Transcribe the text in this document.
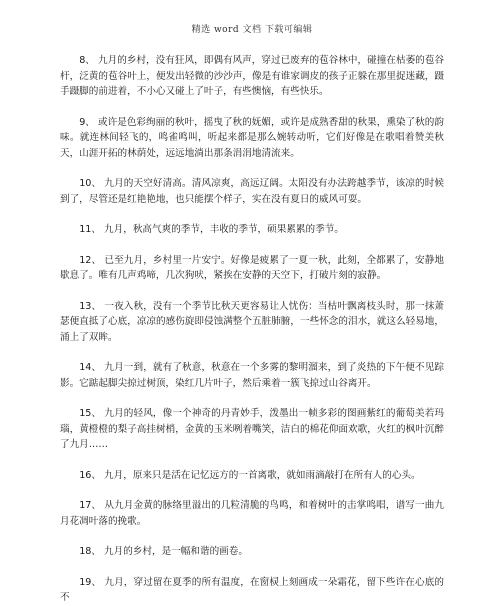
精选 word 文档 下载可编辑

8、 九月的乡村，没有狂风，即偶有风声，穿过已废弃的苞谷林中，碰撞在枯萎的苞谷杆，泛黄的苞谷叶上，便发出轻微的沙沙声，像是有谁家调皮的孩子正躲在那里捉迷藏，蹑手蹑脚的前进着，不小心又碰上了叶子，有些懊恼，有些快乐。

9、 或许是色彩绚丽的秋叶，摇曳了秋的妩媚，或许是成熟香甜的秋果，熏染了秋的韵味。就连林间轻飞的，鸣雀鸣叫，听起来都是那么婉转动听，它们好像是在歌唱着赞美秋天，山涯开拓的林荫处，远远地淌出那条涓涓地清流来。

10、 九月的天空好清高。清风凉爽，高远辽阔。太阳没有办法跨越季节，该凉的时候到了，尽管还是红艳艳地，也只能摆个样子，实在没有夏日的威风可耍。

11、 九月，秋高气爽的季节，丰收的季节，硕果累累的季节。

12、 已至九月，乡村里一片安宁。好像是疲累了一夏一秋，此刻，全都累了，安静地歇息了。唯有几声鸡啼，几次狗吠，紧挨在安静的天空下，打破片刻的寂静。

13、 一夜入秋，没有一个季节比秋天更容易让人忧伤：当枯叶飘离枝头时，那一抹萧瑟便直抵了心底，凉凉的感伤旋即侵蚀满整个五脏肺腑，一些怀念的泪水，就这么轻易地，涌上了双眸。

14、 九月一到，就有了秋意，秋意在一个多雾的黎明溜来，到了炎热的下午便不见踪影。它踮起脚尖掠过树顶，染红几片叶子，然后乘着一簇飞掠过山谷离开。

15、 九月的轻风，像一个神奇的丹青妙手，泼墨出一帧多彩的图画紫红的葡萄美若玛瑙，黄橙橙的梨子高挂树梢，金黄的玉米咧着嘴笑，洁白的棉花仰面欢歌，火红的枫叶沉醉了九月……

16、 九月，原来只是活在记忆远方的一首离歌，就如雨滴敲打在所有人的心头。

17、 从九月金黄的脉络里溢出的几粒清脆的鸟鸣，和着树叶的击掌鸣唱，谱写一曲九月花凋叶落的挽歌。

18、 九月的乡村，是一幅和谐的画卷。

19、 九月，穿过留在夏季的所有温度，在窗棂上刻画成一朵霜花，留下些许在心底的不
